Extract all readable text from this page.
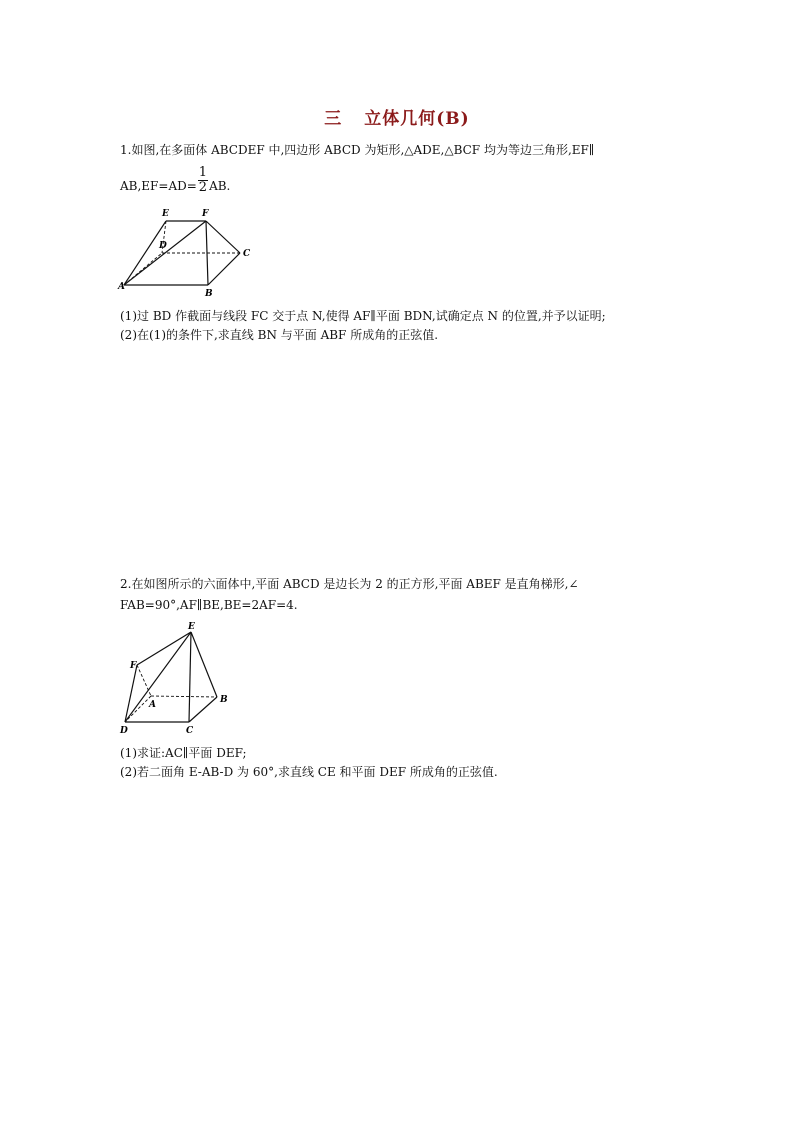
三 立体几何(B)
1.如图,在多面体 ABCDEF 中,四边形 ABCD 为矩形,△ADE,△BCF 均为等边三角形,EF∥
$AB,EF=AD= \frac{1}{2}$ AB.
E	F
D
C
A
B
(1)过 BD 作截面与线段 FC 交于点 N,使得 AF∥平面 BDN,试确定点 N 的位置,并予以证明;
(2)在(1)的条件下,求直线 BN 与平面 ABF 所成角的正弦值.
2.在如图所示的六面体中,平面 ABCD 是边长为 2 的正方形,平面 ABEF 是直角梯形,∠
FAB=90°,AF∥BE,BE=2AF=4.
E
F
A	B
D	C
(1)求证:AC∥平面 DEF;
(2)若二面角 E-AB-D 为 60°,求直线 CE 和平面 DEF 所成角的正弦值.
